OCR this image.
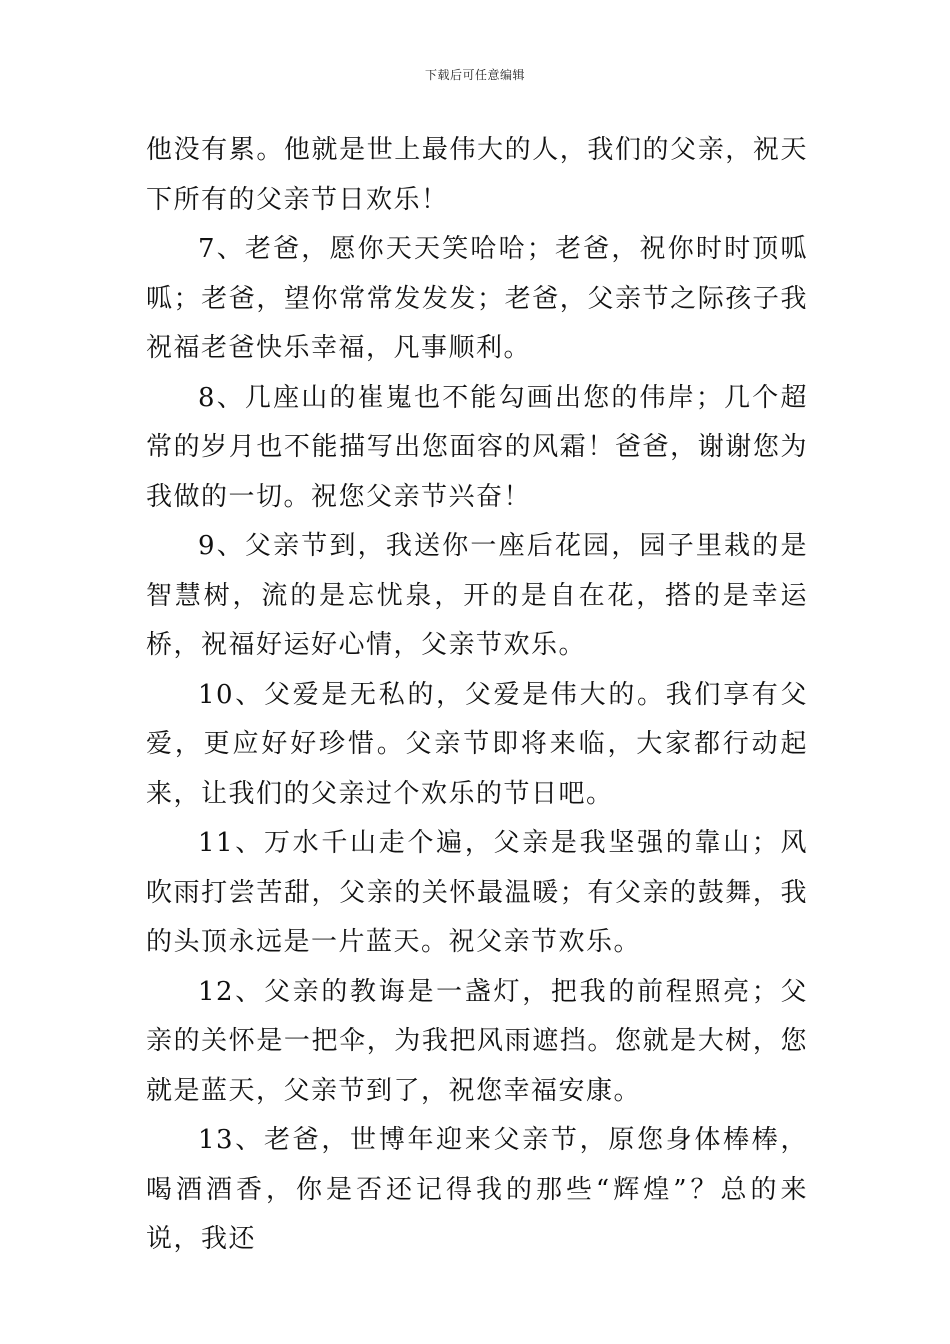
下载后可任意编辑

他没有累。他就是世上最伟大的人，我们的父亲，祝天下所有的父亲节日欢乐！

7、老爸，愿你天天笑哈哈；老爸，祝你时时顶呱呱；老爸，望你常常发发发；老爸，父亲节之际孩子我祝福老爸快乐幸福，凡事顺利。

8、几座山的崔嵬也不能勾画出您的伟岸；几个超常的岁月也不能描写出您面容的风霜！爸爸，谢谢您为我做的一切。祝您父亲节兴奋！

9、父亲节到，我送你一座后花园，园子里栽的是智慧树，流的是忘忧泉，开的是自在花，搭的是幸运桥，祝福好运好心情，父亲节欢乐。

10、父爱是无私的，父爱是伟大的。我们享有父爱，更应好好珍惜。父亲节即将来临，大家都行动起来，让我们的父亲过个欢乐的节日吧。

11、万水千山走个遍，父亲是我坚强的靠山；风吹雨打尝苦甜，父亲的关怀最温暖；有父亲的鼓舞，我的头顶永远是一片蓝天。祝父亲节欢乐。

12、父亲的教诲是一盏灯，把我的前程照亮；父亲的关怀是一把伞，为我把风雨遮挡。您就是大树，您就是蓝天，父亲节到了，祝您幸福安康。

13、老爸，世博年迎来父亲节，原您身体棒棒，喝酒酒香，你是否还记得我的那些“辉煌”？总的来说，我还
